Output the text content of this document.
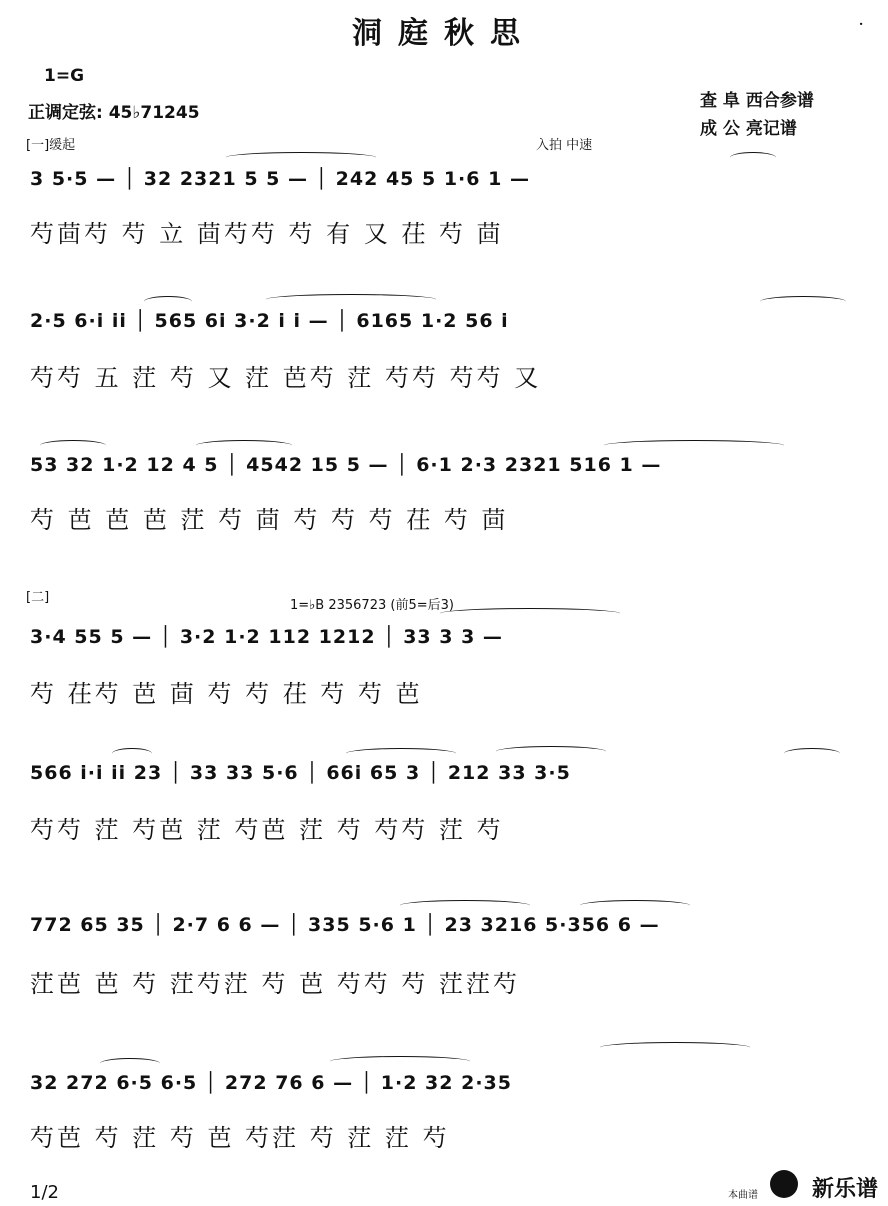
洞庭秋思	·
1=G
正调定弦: 45♭71245
查 阜 西合参谱
成 公 亮记谱
[一]缓起	入拍 中速
3 5·5 — │ 32 2321 5 5 — │ 242 45 5 1·6 1 —
芍茴芍 芍 立 茴芍芍 芍 有 又 茌 芍 茴
2·5 6·i ii │ 565 6i 3·2 i i — │ 6165 1·2 56 i
芍芍 五 茳 芍 又 茳 芭芍 茳 芍芍 芍芍 又
53 32 1·2 12 4 5 │ 4542 15 5 — │ 6·1 2·3 2321 516 1 —
芍 芭 芭 芭 茳 芍 茴 芍 芍 芍 茌 芍 茴
[二]
1=♭B 2356723 (前5=后3)
3·4 55 5 — │ 3·2 1·2 112 1212 │ 33 3 3 —
芍 茌芍 芭 茴 芍 芍 茌 芍 芍 芭
566 i·i ii 23 │ 33 33 5·6 │ 66i 65 3 │ 212 33 3·5
芍芍 茳 芍芭 茳 芍芭 茳 芍 芍芍 茳 芍
772 65 35 │ 2·7 6 6 — │ 335 5·6 1 │ 23 3216 5·356 6 —
茳芭 芭 芍 茳芍茳 芍 芭 芍芍 芍 茳茳芍
32 272 6·5 6·5 │ 272 76 6 — │ 1·2 32 2·35
芍芭 芍 茳 芍 芭 芍茳 芍 茳 茳 芍
1/2	本曲谱 新乐谱
